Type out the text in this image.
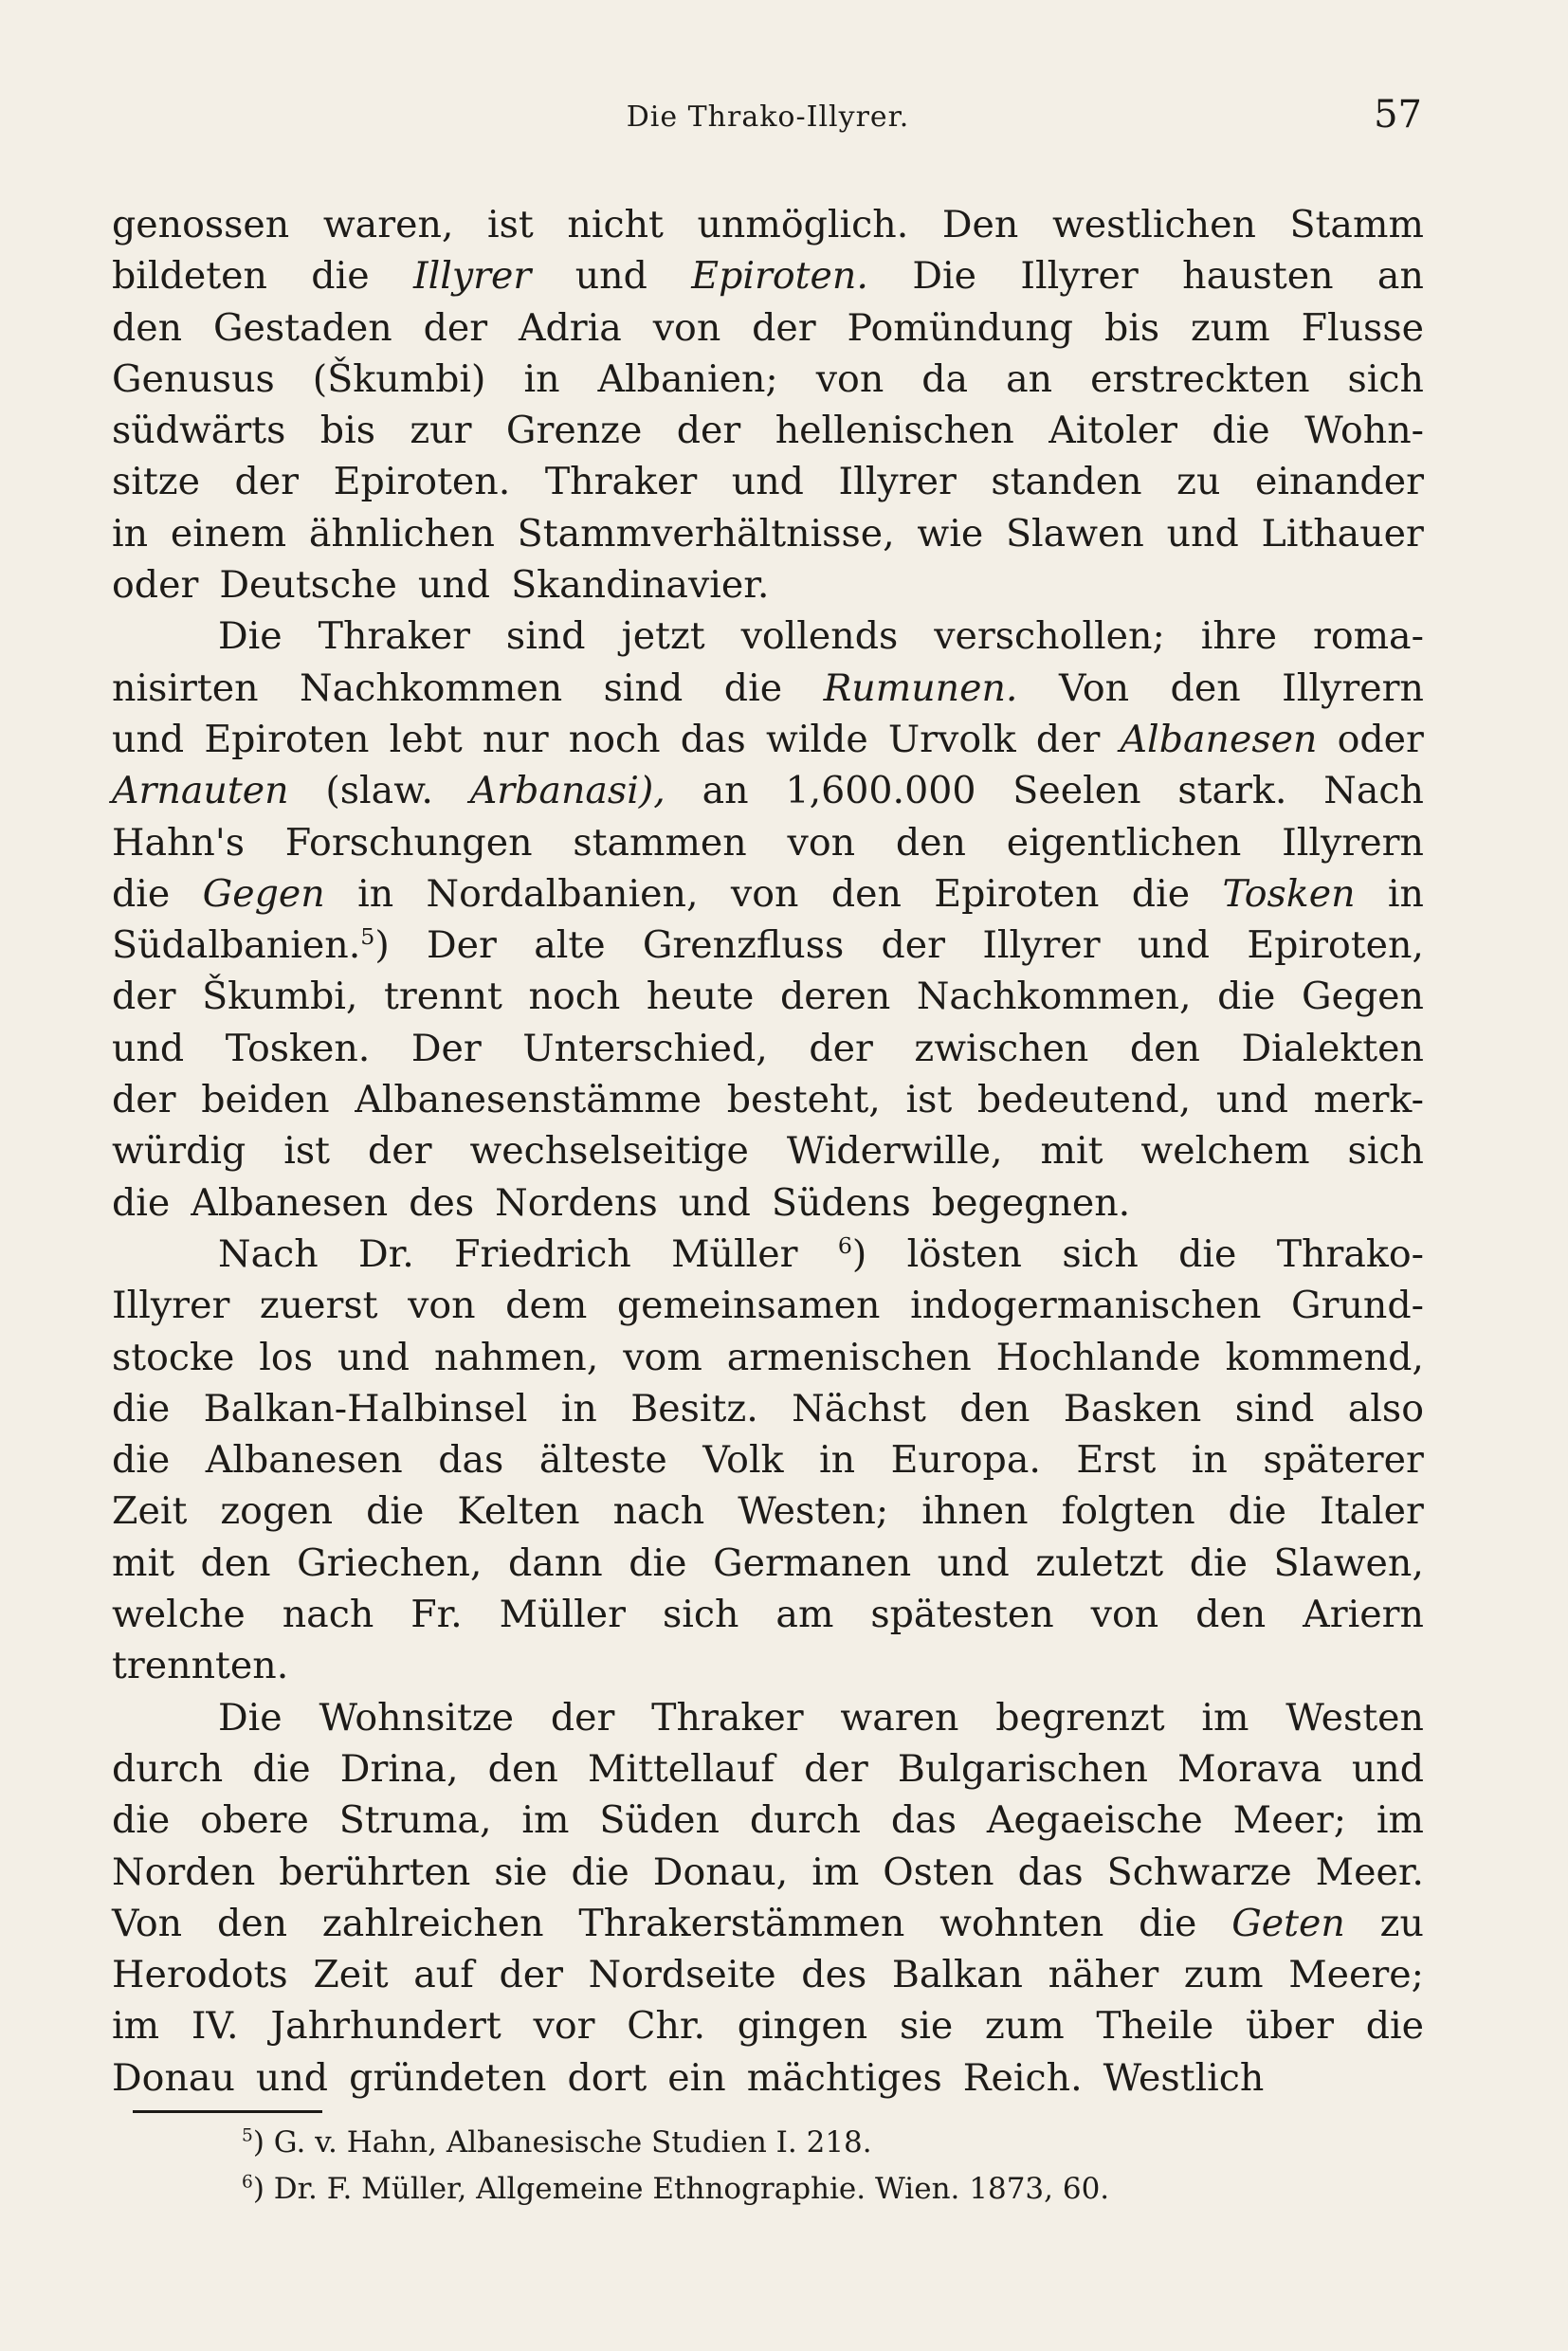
Die Thrako-Illyrer.	57
genossen waren, ist nicht unmöglich. Den westlichen Stamm
bildeten die Illyrer und Epiroten. Die Illyrer hausten an
den Gestaden der Adria von der Pomündung bis zum Flusse
Genusus (Škumbi) in Albanien; von da an erstreckten sich
südwärts bis zur Grenze der hellenischen Aitoler die Wohn-
sitze der Epiroten. Thraker und Illyrer standen zu einander
in einem ähnlichen Stammverhältnisse, wie Slawen und Lithauer
oder Deutsche und Skandinavier.
Die Thraker sind jetzt vollends verschollen; ihre roma-
nisirten Nachkommen sind die Rumunen. Von den Illyrern
und Epiroten lebt nur noch das wilde Urvolk der Albanesen oder
Arnauten (slaw. Arbanasi), an 1,600.000 Seelen stark. Nach
Hahn's Forschungen stammen von den eigentlichen Illyrern
die Gegen in Nordalbanien, von den Epiroten die Tosken in
Südalbanien.$^5$) Der alte Grenzfluss der Illyrer und Epiroten,
der Škumbi, trennt noch heute deren Nachkommen, die Gegen
und Tosken. Der Unterschied, der zwischen den Dialekten
der beiden Albanesenstämme besteht, ist bedeutend, und merk-
würdig ist der wechselseitige Widerwille, mit welchem sich
die Albanesen des Nordens und Südens begegnen.
Nach Dr. Friedrich Müller $^6$) lösten sich die Thrako-
Illyrer zuerst von dem gemeinsamen indogermanischen Grund-
stocke los und nahmen, vom armenischen Hochlande kommend,
die Balkan-Halbinsel in Besitz. Nächst den Basken sind also
die Albanesen das älteste Volk in Europa. Erst in späterer
Zeit zogen die Kelten nach Westen; ihnen folgten die Italer
mit den Griechen, dann die Germanen und zuletzt die Slawen,
welche nach Fr. Müller sich am spätesten von den Ariern
trennten.
Die Wohnsitze der Thraker waren begrenzt im Westen
durch die Drina, den Mittellauf der Bulgarischen Morava und
die obere Struma, im Süden durch das Aegaeische Meer; im
Norden berührten sie die Donau, im Osten das Schwarze Meer.
Von den zahlreichen Thrakerstämmen wohnten die Geten zu
Herodots Zeit auf der Nordseite des Balkan näher zum Meere;
im IV. Jahrhundert vor Chr. gingen sie zum Theile über die
Donau und gründeten dort ein mächtiges Reich. Westlich
$^5$) G. v. Hahn, Albanesische Studien I. 218.
$^6$) Dr. F. Müller, Allgemeine Ethnographie. Wien. 1873, 60.
